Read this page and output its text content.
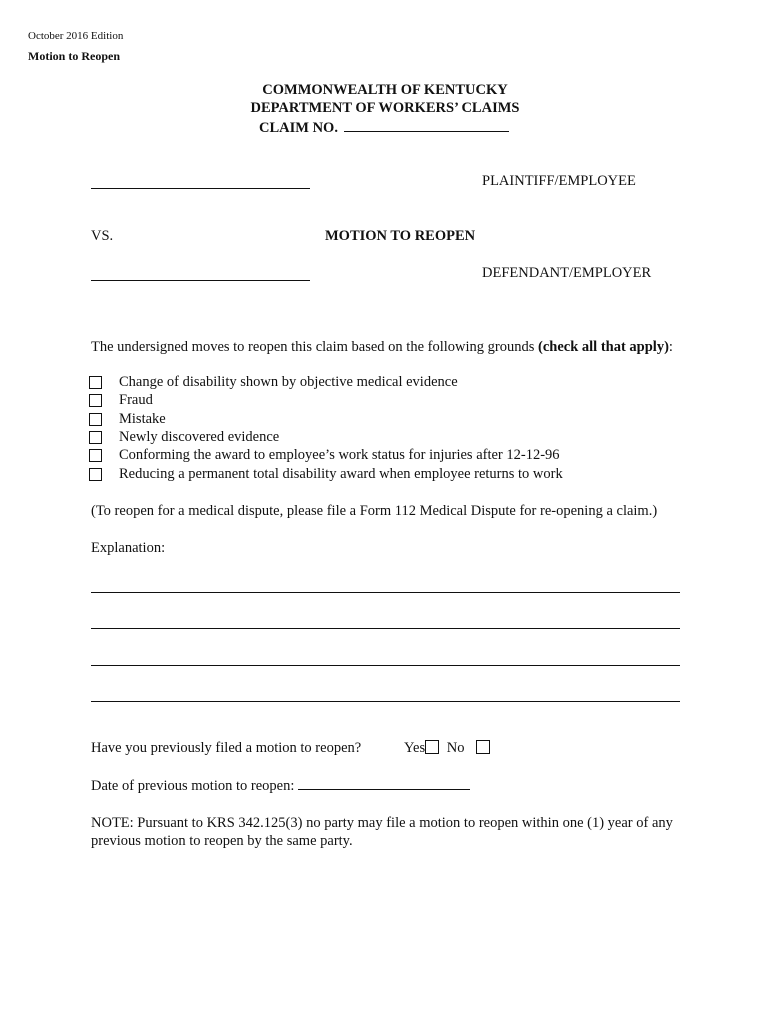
October 2016 Edition
Motion to Reopen
COMMONWEALTH OF KENTUCKY
DEPARTMENT OF WORKERS’ CLAIMS
CLAIM NO.
PLAINTIFF/EMPLOYEE
VS.	MOTION TO REOPEN
DEFENDANT/EMPLOYER
The undersigned moves to reopen this claim based on the following grounds (check all that apply):
Change of disability shown by objective medical evidence
Fraud
Mistake
Newly discovered evidence
Conforming the award to employee’s work status for injuries after 12-12-96
Reducing a permanent total disability award when employee returns to work
(To reopen for a medical dispute, please file a Form 112 Medical Dispute for re-opening a claim.)
Explanation:
Have you previously filed a motion to reopen?	Yes No
Date of previous motion to reopen:
NOTE: Pursuant to KRS 342.125(3) no party may file a motion to reopen within one (1) year of any previous motion to reopen by the same party.
